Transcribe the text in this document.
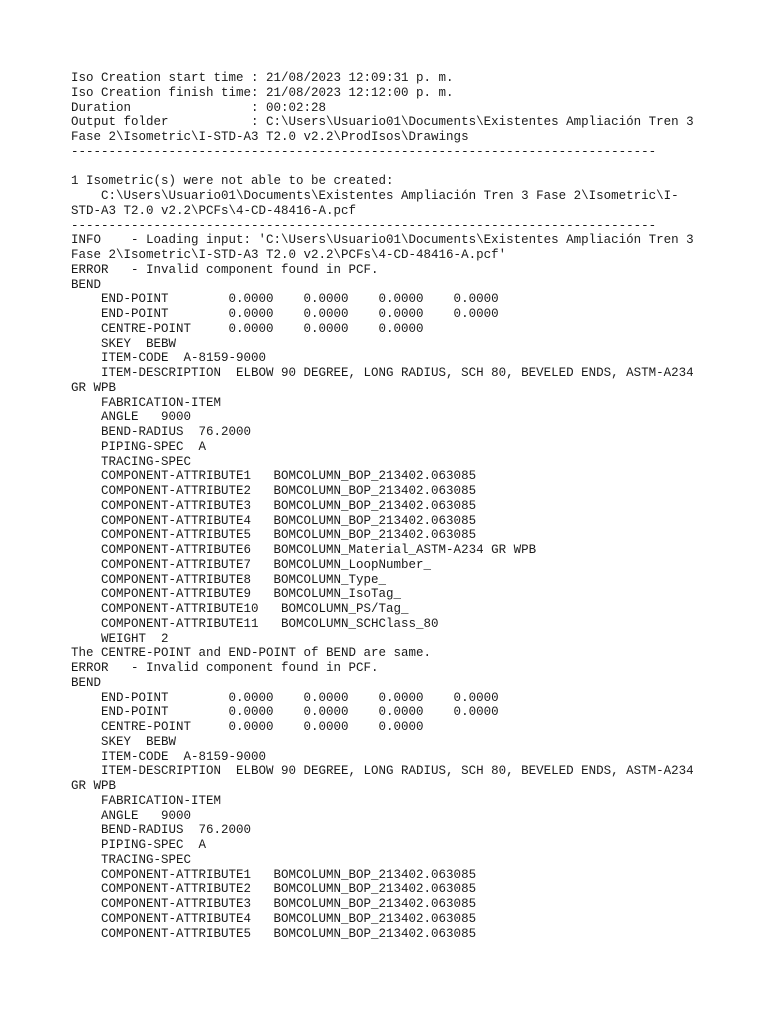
Iso Creation start time : 21/08/2023 12:09:31 p. m.
Iso Creation finish time: 21/08/2023 12:12:00 p. m.
Duration                : 00:02:28
Output folder           : C:\Users\Usuario01\Documents\Existentes Ampliación Tren 3
Fase 2\Isometric\I-STD-A3 T2.0 v2.2\ProdIsos\Drawings
------------------------------------------------------------------------------
1 Isometric(s) were not able to be created:
C:\Users\Usuario01\Documents\Existentes Ampliación Tren 3 Fase 2\Isometric\I-
STD-A3 T2.0 v2.2\PCFs\4-CD-48416-A.pcf
------------------------------------------------------------------------------
INFO    - Loading input: 'C:\Users\Usuario01\Documents\Existentes Ampliación Tren 3
Fase 2\Isometric\I-STD-A3 T2.0 v2.2\PCFs\4-CD-48416-A.pcf'
ERROR   - Invalid component found in PCF.
BEND
END-POINT        0.0000    0.0000    0.0000    0.0000
END-POINT        0.0000    0.0000    0.0000    0.0000
CENTRE-POINT     0.0000    0.0000    0.0000
SKEY  BEBW
ITEM-CODE  A-8159-9000
ITEM-DESCRIPTION  ELBOW 90 DEGREE, LONG RADIUS, SCH 80, BEVELED ENDS, ASTM-A234
GR WPB
FABRICATION-ITEM
ANGLE   9000
BEND-RADIUS  76.2000
PIPING-SPEC  A
TRACING-SPEC
COMPONENT-ATTRIBUTE1   BOMCOLUMN_BOP_213402.063085
COMPONENT-ATTRIBUTE2   BOMCOLUMN_BOP_213402.063085
COMPONENT-ATTRIBUTE3   BOMCOLUMN_BOP_213402.063085
COMPONENT-ATTRIBUTE4   BOMCOLUMN_BOP_213402.063085
COMPONENT-ATTRIBUTE5   BOMCOLUMN_BOP_213402.063085
COMPONENT-ATTRIBUTE6   BOMCOLUMN_Material_ASTM-A234 GR WPB
COMPONENT-ATTRIBUTE7   BOMCOLUMN_LoopNumber_
COMPONENT-ATTRIBUTE8   BOMCOLUMN_Type_
COMPONENT-ATTRIBUTE9   BOMCOLUMN_IsoTag_
COMPONENT-ATTRIBUTE10   BOMCOLUMN_PS/Tag_
COMPONENT-ATTRIBUTE11   BOMCOLUMN_SCHClass_80
WEIGHT  2
The CENTRE-POINT and END-POINT of BEND are same.
ERROR   - Invalid component found in PCF.
BEND
END-POINT        0.0000    0.0000    0.0000    0.0000
END-POINT        0.0000    0.0000    0.0000    0.0000
CENTRE-POINT     0.0000    0.0000    0.0000
SKEY  BEBW
ITEM-CODE  A-8159-9000
ITEM-DESCRIPTION  ELBOW 90 DEGREE, LONG RADIUS, SCH 80, BEVELED ENDS, ASTM-A234
GR WPB
FABRICATION-ITEM
ANGLE   9000
BEND-RADIUS  76.2000
PIPING-SPEC  A
TRACING-SPEC
COMPONENT-ATTRIBUTE1   BOMCOLUMN_BOP_213402.063085
COMPONENT-ATTRIBUTE2   BOMCOLUMN_BOP_213402.063085
COMPONENT-ATTRIBUTE3   BOMCOLUMN_BOP_213402.063085
COMPONENT-ATTRIBUTE4   BOMCOLUMN_BOP_213402.063085
COMPONENT-ATTRIBUTE5   BOMCOLUMN_BOP_213402.063085
